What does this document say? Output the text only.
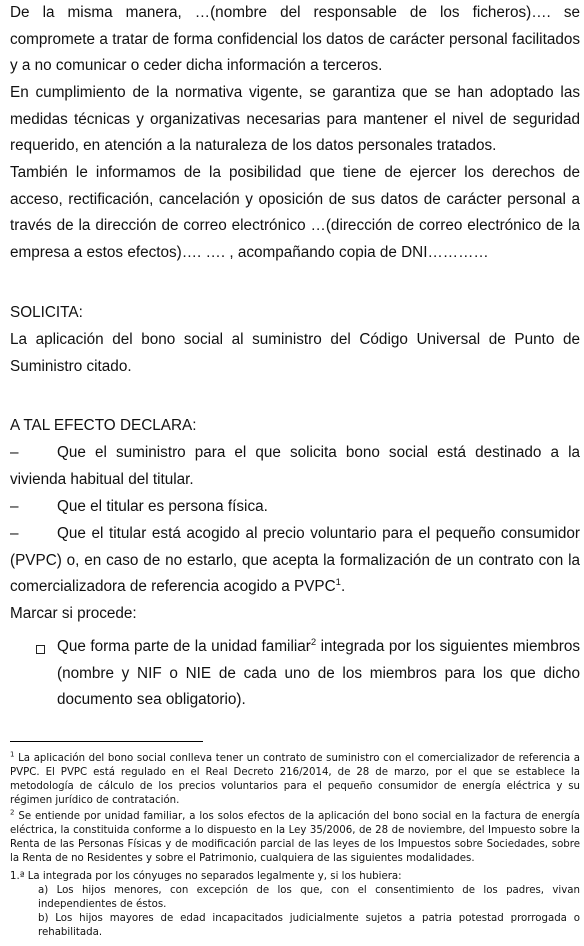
De la misma manera, …(nombre del responsable de los ficheros)…. se compromete a tratar de forma confidencial los datos de carácter personal facilitados y a no comunicar o ceder dicha información a terceros.

En cumplimiento de la normativa vigente, se garantiza que se han adoptado las medidas técnicas y organizativas necesarias para mantener el nivel de seguridad requerido, en atención a la naturaleza de los datos personales tratados.

También le informamos de la posibilidad que tiene de ejercer los derechos de acceso, rectificación, cancelación y oposición de sus datos de carácter personal a través de la dirección de correo electrónico …(dirección de correo electrónico de la empresa a estos efectos)…. …. , acompañando copia de DNI…………

SOLICITA:

La aplicación del bono social al suministro del Código Universal de Punto de Suministro citado.

A TAL EFECTO DECLARA:

–	Que el suministro para el que solicita bono social está destinado a la vivienda habitual del titular.

–	Que el titular es persona física.

–	Que el titular está acogido al precio voluntario para el pequeño consumidor (PVPC) o, en caso de no estarlo, que acepta la formalización de un contrato con la comercializadora de referencia acogido a PVPC$^1$.

Marcar si procede:

Que forma parte de la unidad familiar$^2$ integrada por los siguientes miembros (nombre y NIF o NIE de cada uno de los miembros para los que dicho documento sea obligatorio).

$^1$ La aplicación del bono social conlleva tener un contrato de suministro con el comercializador de referencia a PVPC. El PVPC está regulado en el Real Decreto 216/2014, de 28 de marzo, por el que se establece la metodología de cálculo de los precios voluntarios para el pequeño consumidor de energía eléctrica y su régimen jurídico de contratación.

$^2$ Se entiende por unidad familiar, a los solos efectos de la aplicación del bono social en la factura de energía eléctrica, la constituida conforme a lo dispuesto en la Ley 35/2006, de 28 de noviembre, del Impuesto sobre la Renta de las Personas Físicas y de modificación parcial de las leyes de los Impuestos sobre Sociedades, sobre la Renta de no Residentes y sobre el Patrimonio, cualquiera de las siguientes modalidades.

1.ª La integrada por los cónyuges no separados legalmente y, si los hubiera:

a) Los hijos menores, con excepción de los que, con el consentimiento de los padres, vivan independientes de éstos.

b) Los hijos mayores de edad incapacitados judicialmente sujetos a patria potestad prorrogada o rehabilitada.
